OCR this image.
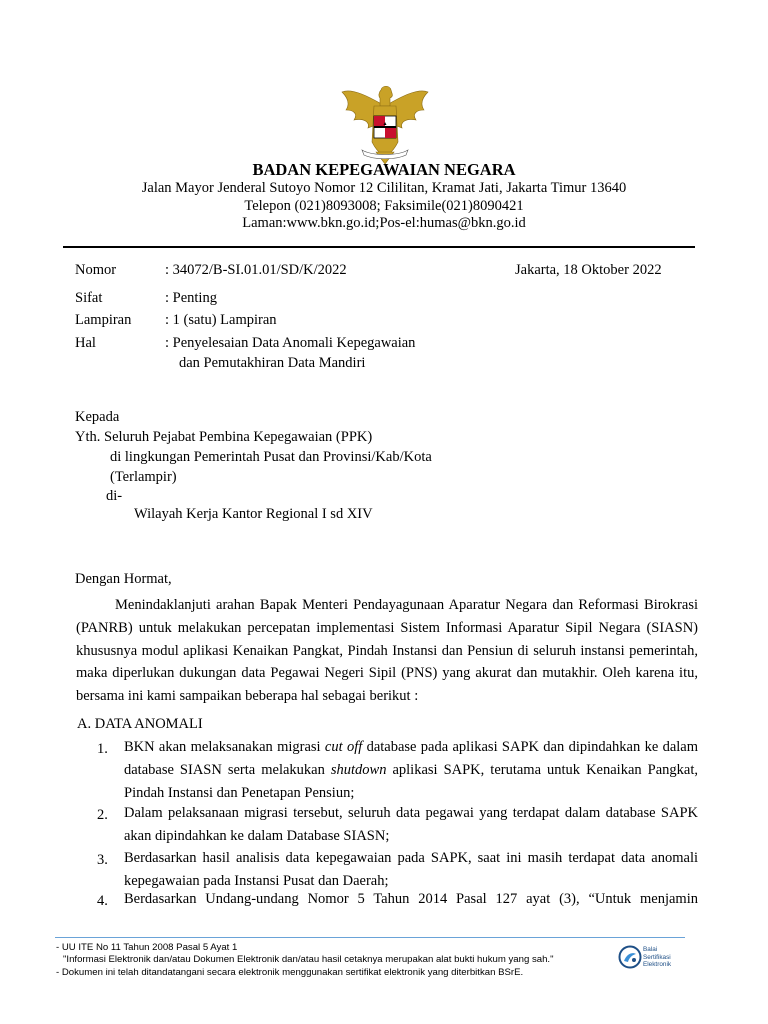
BADAN KEPEGAWAIAN NEGARA
Jalan Mayor Jenderal Sutoyo Nomor 12 Cililitan, Kramat Jati, Jakarta Timur 13640
Telepon (021)8093008; Faksimile(021)8090421
Laman:www.bkn.go.id;Pos-el:humas@bkn.go.id
Nomor	: 34072/B-SI.01.01/SD/K/2022	Jakarta, 18 Oktober 2022
Sifat	: Penting
Lampiran : 1 (satu) Lampiran
Hal	: Penyelesaian Data Anomali Kepegawaian
dan Pemutakhiran Data Mandiri
Kepada
Yth. Seluruh Pejabat Pembina Kepegawaian (PPK)
di lingkungan Pemerintah Pusat dan Provinsi/Kab/Kota
(Terlampir)
di-
Wilayah Kerja Kantor Regional I sd XIV
Dengan Hormat,
Menindaklanjuti arahan Bapak Menteri Pendayagunaan Aparatur Negara dan Reformasi Birokrasi (PANRB) untuk melakukan percepatan implementasi Sistem Informasi Aparatur Sipil Negara (SIASN) khususnya modul aplikasi Kenaikan Pangkat, Pindah Instansi dan Pensiun di seluruh instansi pemerintah, maka diperlukan dukungan data Pegawai Negeri Sipil (PNS) yang akurat dan mutakhir. Oleh karena itu, bersama ini kami sampaikan beberapa hal sebagai berikut :
A. DATA ANOMALI
1. BKN akan melaksanakan migrasi cut off database pada aplikasi SAPK dan dipindahkan ke dalam database SIASN serta melakukan shutdown aplikasi SAPK, terutama untuk Kenaikan Pangkat, Pindah Instansi dan Penetapan Pensiun;
2. Dalam pelaksanaan migrasi tersebut, seluruh data pegawai yang terdapat dalam database SAPK akan dipindahkan ke dalam Database SIASN;
3. Berdasarkan hasil analisis data kepegawaian pada SAPK, saat ini masih terdapat data anomali kepegawaian pada Instansi Pusat dan Daerah;
4. Berdasarkan Undang-undang Nomor 5 Tahun 2014 Pasal 127 ayat (3), “Untuk menjamin
- UU ITE No 11 Tahun 2008 Pasal 5 Ayat 1
"Informasi Elektronik dan/atau Dokumen Elektronik dan/atau hasil cetaknya merupakan alat bukti hukum yang sah."
- Dokumen ini telah ditandatangani secara elektronik menggunakan sertifikat elektronik yang diterbitkan BSrE.
Balai
Sertifikasi
Elektronik
